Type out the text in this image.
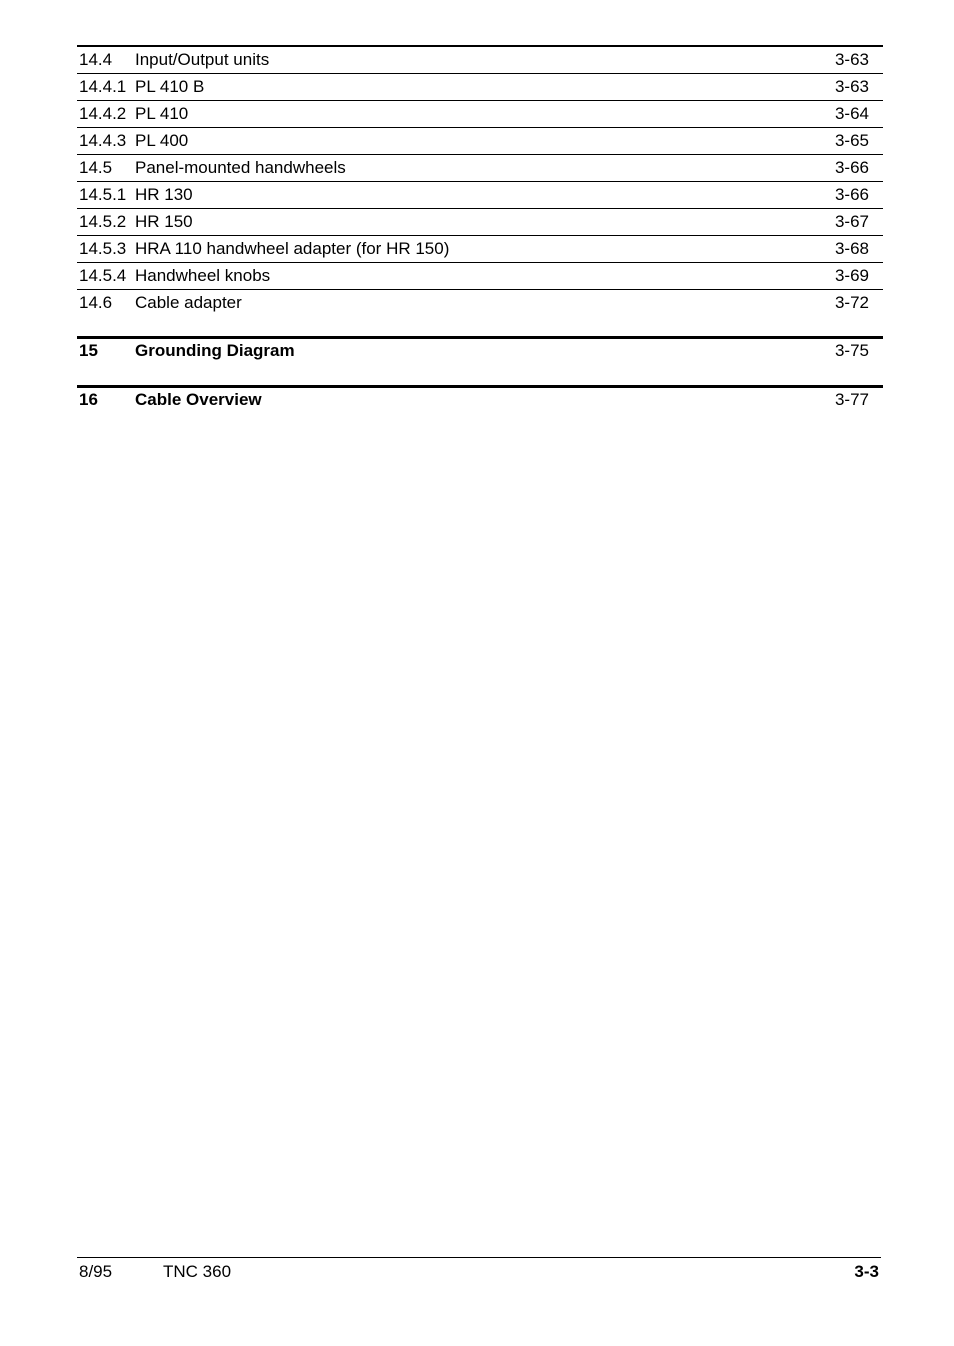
14.4 Input/Output units	3-63
14.4.1 PL 410 B	3-63
14.4.2 PL 410	3-64
14.4.3 PL 400	3-65
14.5 Panel-mounted handwheels	3-66
14.5.1 HR 130	3-66
14.5.2 HR 150	3-67
14.5.3 HRA 110 handwheel adapter (for HR 150)	3-68
14.5.4 Handwheel knobs	3-69
14.6 Cable adapter	3-72
15 Grounding Diagram	3-75
16 Cable Overview	3-77
8/95	TNC 360	3-3
